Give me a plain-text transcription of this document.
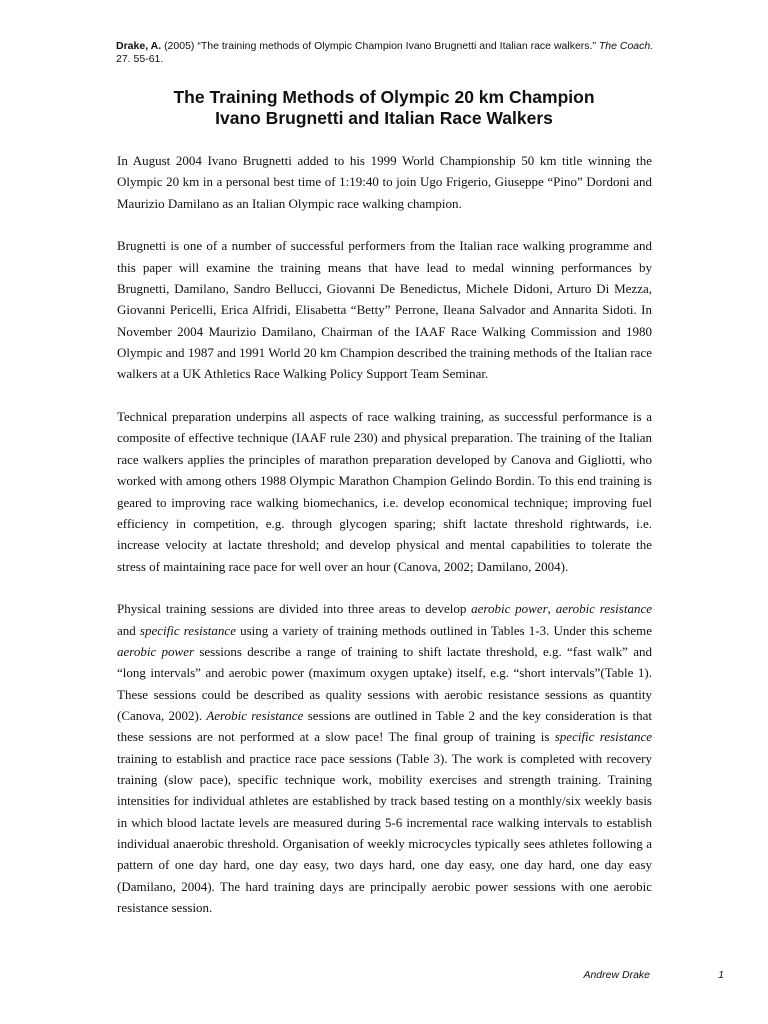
Drake, A. (2005) “The training methods of Olympic Champion Ivano Brugnetti and Italian race walkers.” The Coach.
27. 55-61.
The Training Methods of Olympic 20 km Champion
Ivano Brugnetti and Italian Race Walkers

In August 2004 Ivano Brugnetti added to his 1999 World Championship 50 km title winning the Olympic 20 km in a personal best time of 1:19:40 to join Ugo Frigerio, Giuseppe “Pino” Dordoni and Maurizio Damilano as an Italian Olympic race walking champion.

Brugnetti is one of a number of successful performers from the Italian race walking programme and this paper will examine the training means that have lead to medal winning performances by Brugnetti, Damilano, Sandro Bellucci, Giovanni De Benedictus, Michele Didoni, Arturo Di Mezza, Giovanni Pericelli, Erica Alfridi, Elisabetta “Betty” Perrone, Ileana Salvador and Annarita Sidoti. In November 2004 Maurizio Damilano, Chairman of the IAAF Race Walking Commission and 1980 Olympic and 1987 and 1991 World 20 km Champion described the training methods of the Italian race walkers at a UK Athletics Race Walking Policy Support Team Seminar.

Technical preparation underpins all aspects of race walking training, as successful performance is a composite of effective technique (IAAF rule 230) and physical preparation. The training of the Italian race walkers applies the principles of marathon preparation developed by Canova and Gigliotti, who worked with among others 1988 Olympic Marathon Champion Gelindo Bordin. To this end training is geared to improving race walking biomechanics, i.e. develop economical technique; improving fuel efficiency in competition, e.g. through glycogen sparing; shift lactate threshold rightwards, i.e. increase velocity at lactate threshold; and develop physical and mental capabilities to tolerate the stress of maintaining race pace for well over an hour (Canova, 2002; Damilano, 2004).

Physical training sessions are divided into three areas to develop aerobic power, aerobic resistance and specific resistance using a variety of training methods outlined in Tables 1-3. Under this scheme aerobic power sessions describe a range of training to shift lactate threshold, e.g. “fast walk” and “long intervals” and aerobic power (maximum oxygen uptake) itself, e.g. “short intervals”(Table 1). These sessions could be described as quality sessions with aerobic resistance sessions as quantity (Canova, 2002). Aerobic resistance sessions are outlined in Table 2 and the key consideration is that these sessions are not performed at a slow pace! The final group of training is specific resistance training to establish and practice race pace sessions (Table 3). The work is completed with recovery training (slow pace), specific technique work, mobility exercises and strength training. Training intensities for individual athletes are established by track based testing on a monthly/six weekly basis in which blood lactate levels are measured during 5-6 incremental race walking intervals to establish individual anaerobic threshold. Organisation of weekly microcycles typically sees athletes following a pattern of one day hard, one day easy, two days hard, one day easy, one day hard, one day easy (Damilano, 2004). The hard training days are principally aerobic power sessions with one aerobic resistance session.

Andrew Drake	1
